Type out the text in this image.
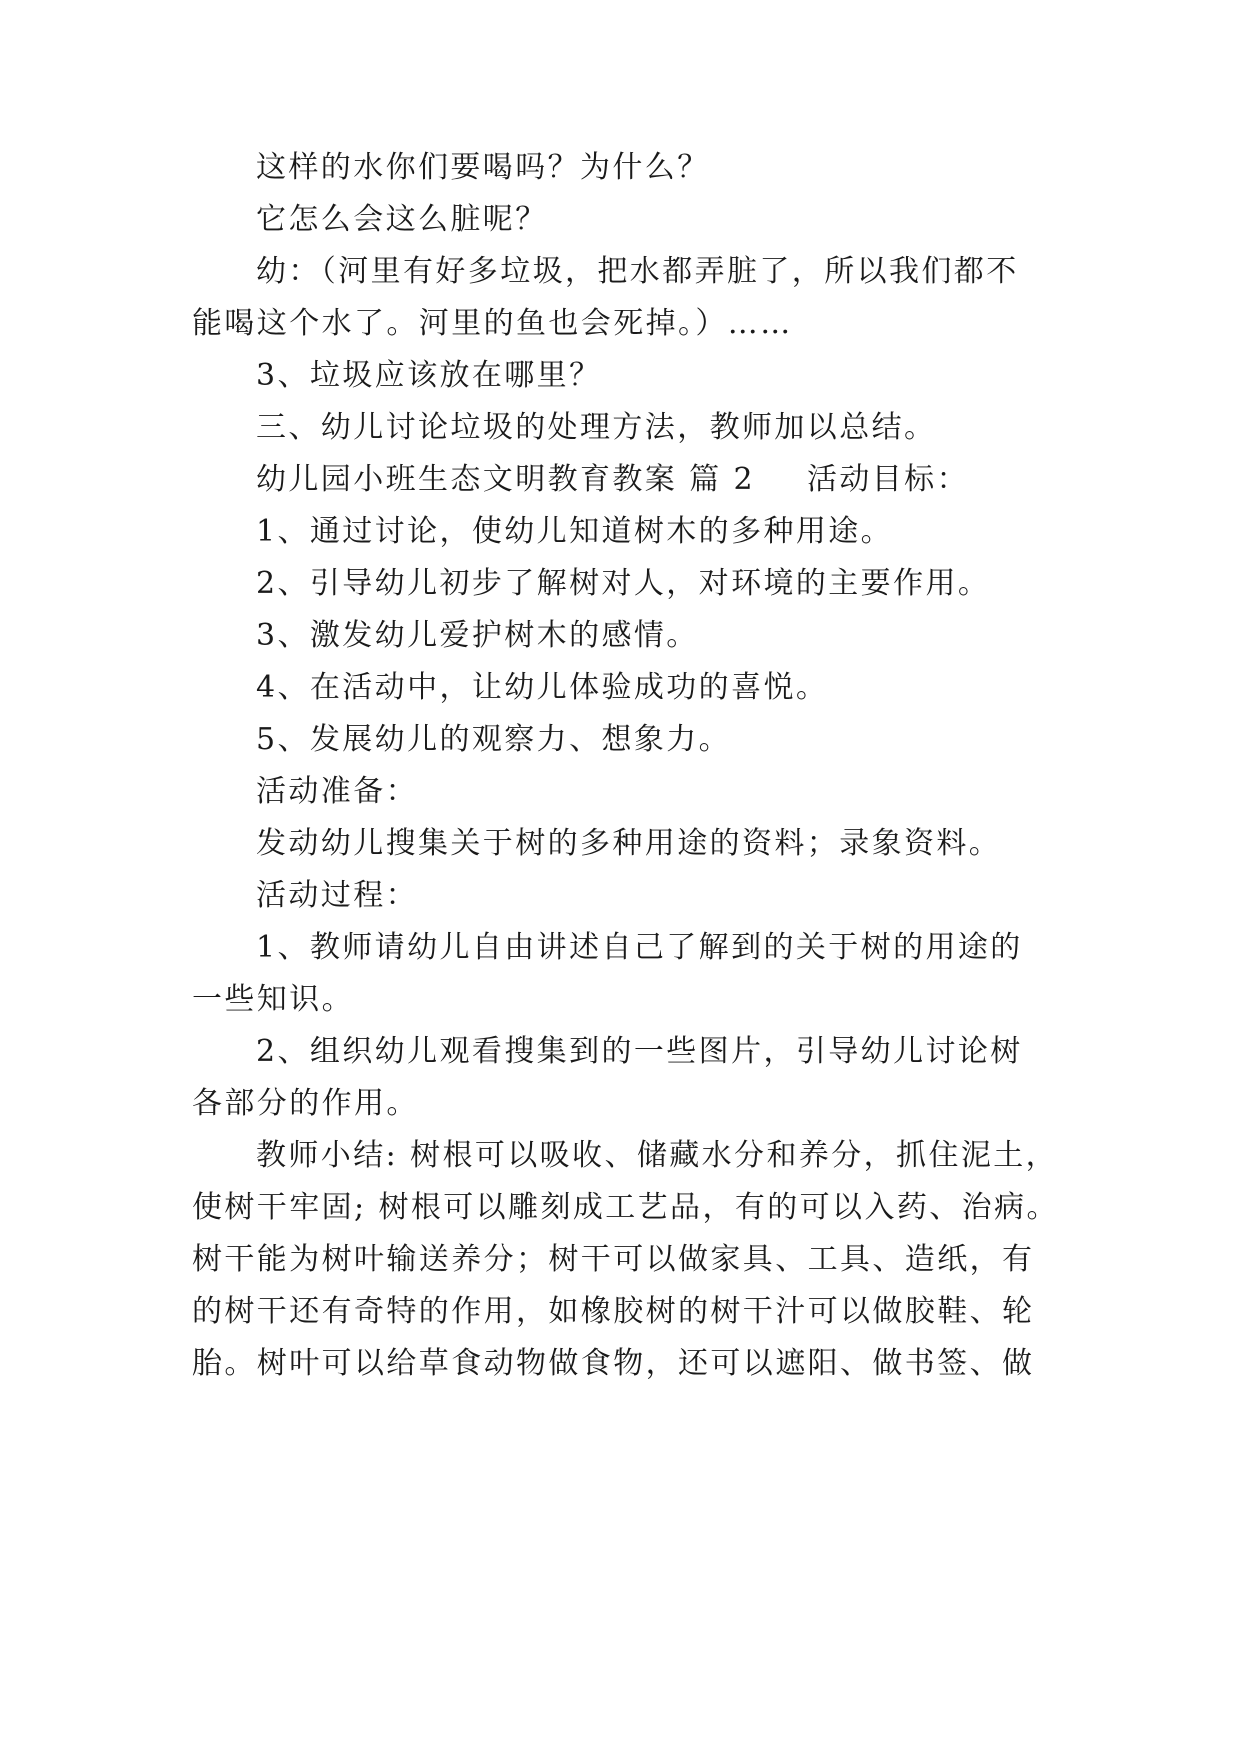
这样的水你们要喝吗？为什么？
它怎么会这么脏呢？
幼：（河里有好多垃圾，把水都弄脏了，所以我们都不
能喝这个水了。河里的鱼也会死掉。）……
3、垃圾应该放在哪里？
三、幼儿讨论垃圾的处理方法，教师加以总结。
幼儿园小班生态文明教育教案 篇 2 活动目标：
1、通过讨论，使幼儿知道树木的多种用途。
2、引导幼儿初步了解树对人，对环境的主要作用。
3、激发幼儿爱护树木的感情。
4、在活动中，让幼儿体验成功的喜悦。
5、发展幼儿的观察力、想象力。
活动准备：
发动幼儿搜集关于树的多种用途的资料；录象资料。
活动过程：
1、教师请幼儿自由讲述自己了解到的关于树的用途的
一些知识。
2、组织幼儿观看搜集到的一些图片，引导幼儿讨论树
各部分的作用。
教师小结: 树根可以吸收、储藏水分和养分，抓住泥土，
使树干牢固; 树根可以雕刻成工艺品，有的可以入药、治病。
树干能为树叶输送养分；树干可以做家具、工具、造纸，有
的树干还有奇特的作用，如橡胶树的树干汁可以做胶鞋、轮
胎。树叶可以给草食动物做食物，还可以遮阳、做书签、做
